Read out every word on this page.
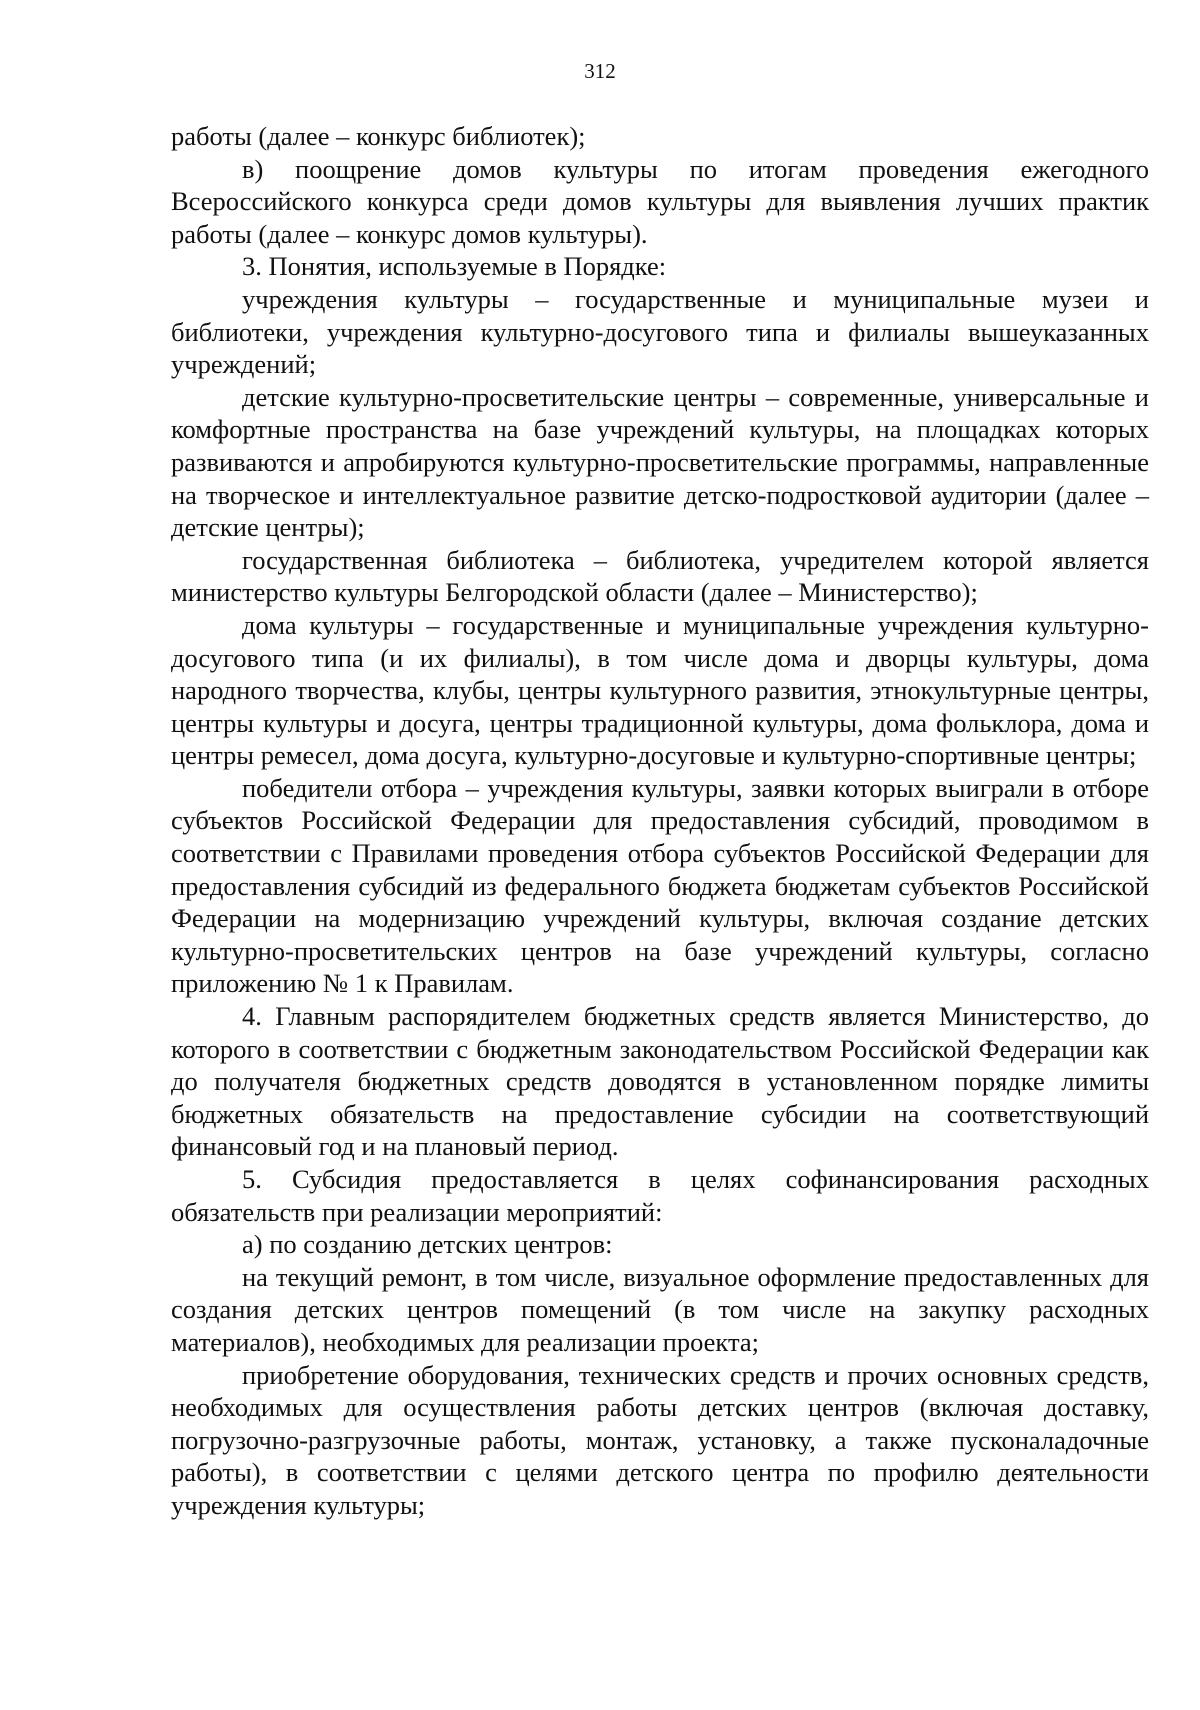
312

работы (далее – конкурс библиотек);

в) поощрение домов культуры по итогам проведения ежегодного Всероссийского конкурса среди домов культуры для выявления лучших практик работы (далее – конкурс домов культуры).

3. Понятия, используемые в Порядке:

учреждения культуры – государственные и муниципальные музеи и библиотеки, учреждения культурно-досугового типа и филиалы вышеуказанных учреждений;

детские культурно-просветительские центры – современные, универсальные и комфортные пространства на базе учреждений культуры, на площадках которых развиваются и апробируются культурно-просветительские программы, направленные на творческое и интеллектуальное развитие детско-подростковой аудитории (далее – детские центры);

государственная библиотека – библиотека, учредителем которой является министерство культуры Белгородской области (далее – Министерство);

дома культуры – государственные и муниципальные учреждения культурно-досугового типа (и их филиалы), в том числе дома и дворцы культуры, дома народного творчества, клубы, центры культурного развития, этнокультурные центры, центры культуры и досуга, центры традиционной культуры, дома фольклора, дома и центры ремесел, дома досуга, культурно-досуговые и культурно-спортивные центры;

победители отбора – учреждения культуры, заявки которых выиграли в отборе субъектов Российской Федерации для предоставления субсидий, проводимом в соответствии с Правилами проведения отбора субъектов Российской Федерации для предоставления субсидий из федерального бюджета бюджетам субъектов Российской Федерации на модернизацию учреждений культуры, включая создание детских культурно-просветительских центров на базе учреждений культуры, согласно приложению № 1 к Правилам.

4. Главным распорядителем бюджетных средств является Министерство, до которого в соответствии с бюджетным законодательством Российской Федерации как до получателя бюджетных средств доводятся в установленном порядке лимиты бюджетных обязательств на предоставление субсидии на соответствующий финансовый год и на плановый период.

5. Субсидия предоставляется в целях софинансирования расходных обязательств при реализации мероприятий:

а) по созданию детских центров:

на текущий ремонт, в том числе, визуальное оформление предоставленных для создания детских центров помещений (в том числе на закупку расходных материалов), необходимых для реализации проекта;

приобретение оборудования, технических средств и прочих основных средств, необходимых для осуществления работы детских центров (включая доставку, погрузочно-разгрузочные работы, монтаж, установку, а также пусконаладочные работы), в соответствии с целями детского центра по профилю деятельности учреждения культуры;
